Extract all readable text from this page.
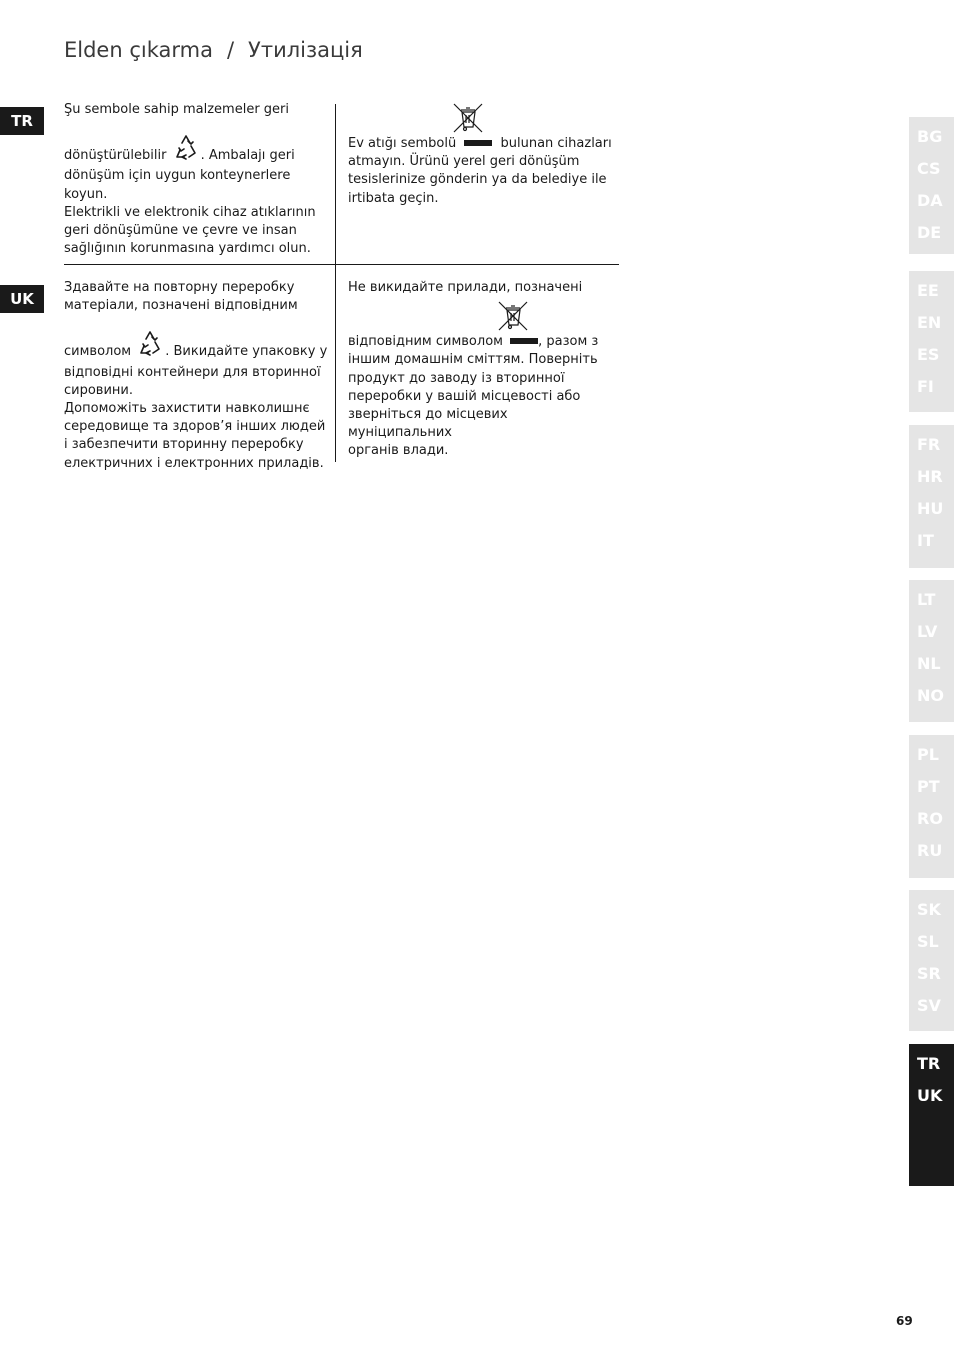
Elden çıkarma / Утилізація
TR
UK

Şu sembole sahip malzemeler geri

dönüştürülebilir	. Ambalajı geri

dönüşüm için uygun konteynerlere

koyun.

Elektrikli ve elektronik cihaz atıklarının

geri dönüşümüne ve çevre ve insan

sağlığının korunmasına yardımcı olun.

Ev atığı sembolü	bulunan cihazları

atmayın. Ürünü yerel geri dönüşüm

tesislerinize gönderin ya da belediye ile

irtibata geçin.

Здавайте на повторну переробку

матеріали, позначені відповідним

символом	. Викидайте упаковку у

відповідні контейнери для вторинної

сировини.

Допоможіть захистити навколишнє

середовище та здоров’я інших людей

і забезпечити вторинну переробку

електричних і електронних приладів.

Не викидайте прилади, позначені

відповідним символом	, разом з

іншим домашнім сміттям. Поверніть

продукт до заводу із вторинної

переробки у вашій місцевості або

зверніться до місцевих муніципальних

органів влади.

BG
CS
DA
DE
EE
EN
ES
FI
FR
HR
HU
IT
LT
LV
NL
NO
PL
PT
RO
RU
SK
SL
SR
SV
TR
UK
69
